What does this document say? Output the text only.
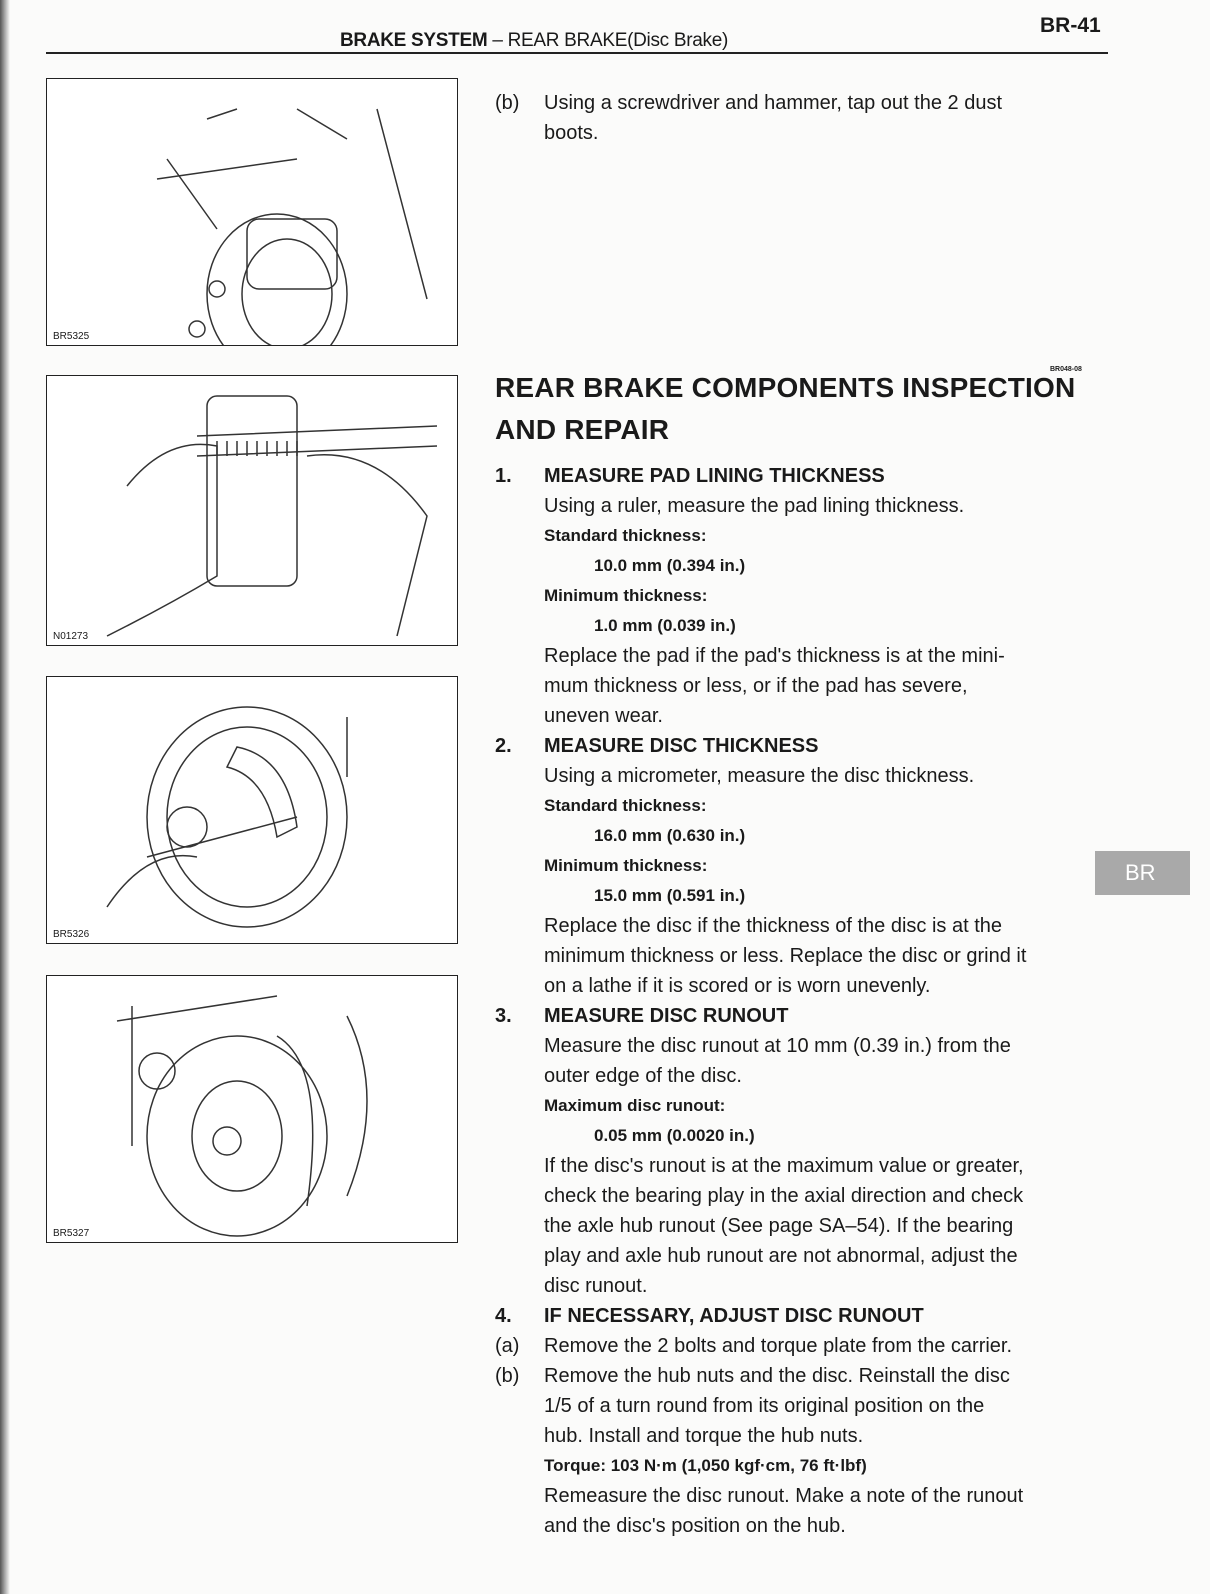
BRAKE SYSTEM – REAR BRAKE(Disc Brake)
BR-41
BR5325
N01273
BR5326
BR5327
BR048-08
REAR BRAKE COMPONENTS INSPECTION
AND REPAIR
(b) Using a screwdriver and hammer, tap out the 2 dust
boots.
1. MEASURE PAD LINING THICKNESS
Using a ruler, measure the pad lining thickness.
Standard thickness:
10.0 mm (0.394 in.)
Minimum thickness:
1.0 mm (0.039 in.)
Replace the pad if the pad's thickness is at the mini-
mum thickness or less, or if the pad has severe,
uneven wear.
2. MEASURE DISC THICKNESS
Using a micrometer, measure the disc thickness.
Standard thickness:
16.0 mm (0.630 in.)
Minimum thickness:
15.0 mm (0.591 in.)
Replace the disc if the thickness of the disc is at the
minimum thickness or less. Replace the disc or grind it
on a lathe if it is scored or is worn unevenly.
3. MEASURE DISC RUNOUT
Measure the disc runout at 10 mm (0.39 in.) from the
outer edge of the disc.
Maximum disc runout:
0.05 mm (0.0020 in.)
If the disc's runout is at the maximum value or greater,
check the bearing play in the axial direction and check
the axle hub runout (See page SA–54). If the bearing
play and axle hub runout are not abnormal, adjust the
disc runout.
4. IF NECESSARY, ADJUST DISC RUNOUT
(a) Remove the 2 bolts and torque plate from the carrier.
(b) Remove the hub nuts and the disc. Reinstall the disc
1/5 of a turn round from its original position on the
hub. Install and torque the hub nuts.
Torque: 103 N·m (1,050 kgf·cm, 76 ft·lbf)
Remeasure the disc runout. Make a note of the runout
and the disc's position on the hub.
BR
